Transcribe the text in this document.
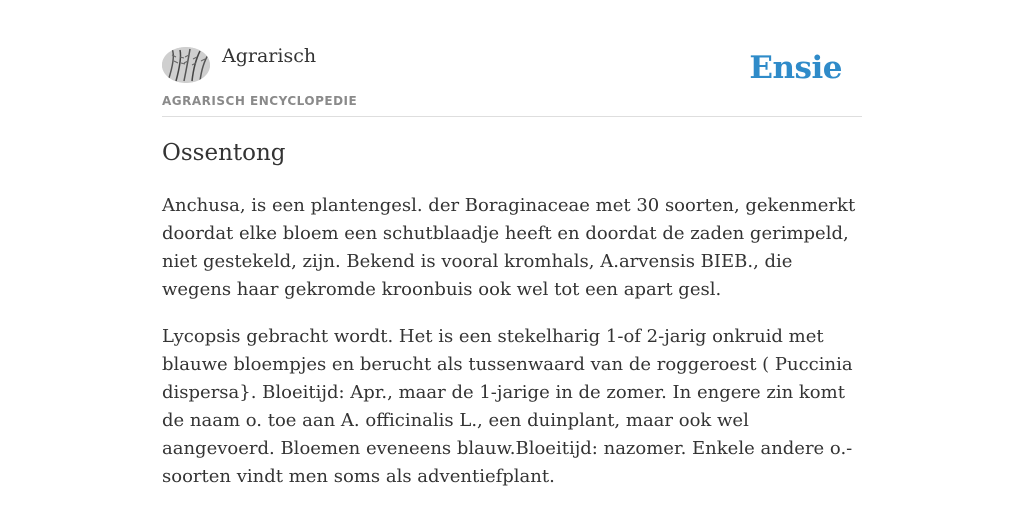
Agrarisch
AGRARISCH ENCYCLOPEDIE
Ensie
Ossentong

Anchusa, is een plantengesl. der Boraginaceae met 30 soorten, gekenmerkt doordat elke bloem een schutblaadje heeft en doordat de zaden gerimpeld, niet gestekeld, zijn. Bekend is vooral kromhals, A.arvensis BIEB., die wegens haar gekromde kroonbuis ook wel tot een apart gesl.

Lycopsis gebracht wordt. Het is een stekelharig 1-of 2-jarig onkruid met blauwe bloempjes en berucht als tussenwaard van de roggeroest ( Puccinia dispersa}. Bloeitijd: Apr., maar de 1-jarige in de zomer. In engere zin komt de naam o. toe aan A. officinalis L., een duinplant, maar ook wel aangevoerd. Bloemen eveneens blauw.Bloeitijd: nazomer. Enkele andere o.-soorten vindt men soms als adventiefplant.
